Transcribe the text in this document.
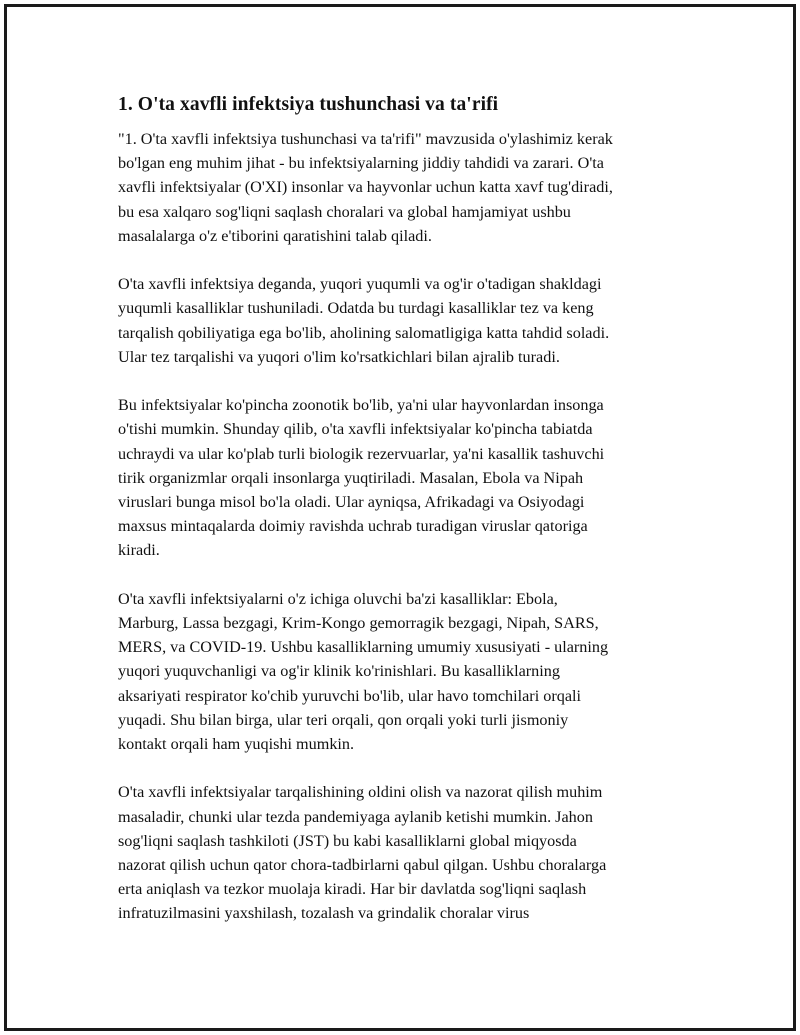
1. O'ta xavfli infektsiya tushunchasi va ta'rifi

"1. O'ta xavfli infektsiya tushunchasi va ta'rifi" mavzusida o'ylashimiz kerak
bo'lgan eng muhim jihat - bu infektsiyalarning jiddiy tahdidi va zarari. O'ta
xavfli infektsiyalar (O'XI) insonlar va hayvonlar uchun katta xavf tug'diradi,
bu esa xalqaro sog'liqni saqlash choralari va global hamjamiyat ushbu
masalalarga o'z e'tiborini qaratishini talab qiladi.

O'ta xavfli infektsiya deganda, yuqori yuqumli va og'ir o'tadigan shakldagi
yuqumli kasalliklar tushuniladi. Odatda bu turdagi kasalliklar tez va keng
tarqalish qobiliyatiga ega bo'lib, aholining salomatligiga katta tahdid soladi.
Ular tez tarqalishi va yuqori o'lim ko'rsatkichlari bilan ajralib turadi.

Bu infektsiyalar ko'pincha zoonotik bo'lib, ya'ni ular hayvonlardan insonga
o'tishi mumkin. Shunday qilib, o'ta xavfli infektsiyalar ko'pincha tabiatda
uchraydi va ular ko'plab turli biologik rezervuarlar, ya'ni kasallik tashuvchi
tirik organizmlar orqali insonlarga yuqtiriladi. Masalan, Ebola va Nipah
viruslari bunga misol bo'la oladi. Ular ayniqsa, Afrikadagi va Osiyodagi
maxsus mintaqalarda doimiy ravishda uchrab turadigan viruslar qatoriga
kiradi.

O'ta xavfli infektsiyalarni o'z ichiga oluvchi ba'zi kasalliklar: Ebola,
Marburg, Lassa bezgagi, Krim-Kongo gemorragik bezgagi, Nipah, SARS,
MERS, va COVID-19. Ushbu kasalliklarning umumiy xususiyati - ularning
yuqori yuquvchanligi va og'ir klinik ko'rinishlari. Bu kasalliklarning
aksariyati respirator ko'chib yuruvchi bo'lib, ular havo tomchilari orqali
yuqadi. Shu bilan birga, ular teri orqali, qon orqali yoki turli jismoniy
kontakt orqali ham yuqishi mumkin.

O'ta xavfli infektsiyalar tarqalishining oldini olish va nazorat qilish muhim
masaladir, chunki ular tezda pandemiyaga aylanib ketishi mumkin. Jahon
sog'liqni saqlash tashkiloti (JST) bu kabi kasalliklarni global miqyosda
nazorat qilish uchun qator chora-tadbirlarni qabul qilgan. Ushbu choralarga
erta aniqlash va tezkor muolaja kiradi. Har bir davlatda sog'liqni saqlash
infratuzilmasini yaxshilash, tozalash va grindalik choralar virus
